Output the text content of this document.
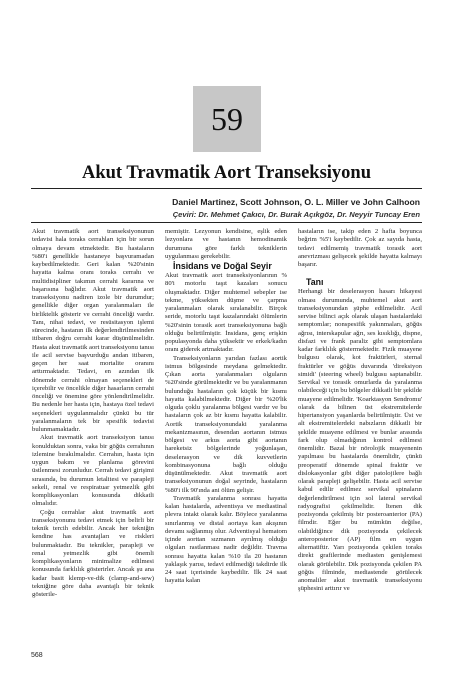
59
Akut Travmatik Aort Transeksiyonu
Daniel Martinez, Scott Johnson, O. L. Miller ve John Calhoon
Çeviri: Dr. Mehmet Çakıcı, Dr. Burak Açıkgöz, Dr. Neyyir Tuncay Eren

Akut travmatik aort transeksiyonunun tedavisi hala toraks cerrahları için bir sorun olmaya devam etmektedir. Bu hastaların %80'i genellikle hastaneye başvuramadan kaybedilmektedir. Geri kalan %20'sinin hayatta kalma oranı toraks cerrahı ve multidisipliner takımın cerrahi kararına ve başarısına bağlıdır. Akut travmatik aort transeksiyonu nadiren izole bir durumdur; genellikle diğer organ yaralanmaları ile birliktelik gösterir ve cerrahi önceliği vardır. Tanı, nihai tedavi, ve resüsitasyon işlemi sürecinde, hastanın ilk değerlendirilmesinden itibaren doğru cerrahi karar düşünülmelidir. Hasta akut travmatik aort transeksiyonu tanısı ile acil servise başvurduğu andan itibaren, geçen her saat mortalite oranını arttırmaktadır. Tedavi, en azından ilk dönemde cerrahi olmayan seçenekleri de içerebilir ve öncelikle diğer hasarların cerrahi önceliği ve önemine göre yönlendirilmelidir. Bu nedenle her hasta için, hastaya özel tedavi seçenekleri uygulanmalıdır çünkü bu tür yaralanmaların tek bir spesifik tedavisi bulunmamaktadır.

Akut travmatik aort transeksiyon tanısı konulduktan sonra, vaka bir göğüs cerrahının izlemine bırakılmalıdır. Cerrahın, hasta için uygun bakım ve planlama görevini üstlenmesi zorunludur. Cerrah tedavi girişimi sırasında, bu durumun letalitesi ve parapleji sekeli, renal ve respiratuar yetmezlik gibi komplikasyonları konusunda dikkatli olmalıdır.

Çoğu cerrahlar akut travmatik aort transeksiyonunu tedavi etmek için belirli bir teknik tercih edebilir. Ancak her tekniğin kendine has avantajları ve riskleri bulunmaktadır. Bu teknikler, parapleji ve renal yetmezlik gibi önemli komplikasyonların minimalize edilmesi konusunda farklılık gösterirler. Ancak şu ana kadar basit klemp-ve-dik (clamp-and-sew) tekniğine göre daha avantajlı bir teknik gösterile-

memiştir. Lezyonun kendisine, eşlik eden lezyonlara ve hastanın hemodinamik durumuna göre farklı tekniklerin uygulanması gerekebilir.

İnsidans ve Doğal Seyir

Akut travmatik aort transeksiyonlarının % 80'i motorlu taşıt kazaları sonucu oluşmaktadır. Diğer muhtemel sebepler ise tekme, yüksekten düşme ve çarpma yaralanmaları olarak sıralanabilir. Birçok seride, motorlu taşıt kazalarındaki ölümlerin %20'sinin torasik aort transeksiyonuna bağlı olduğu belirtilmiştir. İnsidans, genç erişkin populasyonda daha yüksektir ve erkek/kadın oranı giderek artmaktadır.

Transeksiyonların yarıdan fazlası aortik istmus bölgesinde meydana gelmektedir. Çıkan aorta yaralanmaları olguların %20'sinde görülmektedir ve bu yaralanmanın bulunduğu hastaların çok küçük bir kısmı hayatta kalabilmektedir. Diğer bir %20'lik olguda çoklu yaralanma bölgesi vardır ve bu hastaların çok az bir kısmı hayatta kalabilir. Aortik transeksiyonundaki yaralanma mekanizmasının, desendan aortanın istmus bölgesi ve arkus aorta gibi aortanın hareketsiz bölgelerinde yoğunlaşan, deselerasyon ve dik kuvvetlerin kombinasyonuna bağlı olduğu düşünülmektedir. Akut travmatik aort transeksiyonunun doğal seyrinde, hastaların %80'i ilk 90'ında ani ölüm gelişir.

Travmatik yaralanma sonrası hayatta kalan hastalarda, adventisya ve mediastinal plevra intakt olarak kalır. Böylece yaralanma sınırlanmış ve distal aortaya kan akışının devamı sağlanmış olur. Adventisyal hematom içinde aorttan sızmanın ayrılmış olduğu olguları rastlanması nadir değildir. Travma sonrası hayatta kalan %10 ila 20 hastanın yaklaşık yarısı, tedavi edilmediği takdirde ilk 24 saat içerisinde kaybedilir. İlk 24 saat hayatta kalan

hastaların ise, takip eden 2 hafta boyunca beğrim %5'i kaybedilir. Çok az sayıda hasta, tedavi edilmemiş travmatik torasik aort anevrizması gelişecek şekilde hayatta kalmayı başarır.

Tanı

Herhangi bir deselerasyon hasarı hikayesi olması durumunda, muhtemel akut aort transeksiyonundan şüphe edilmelidir. Acil servise bilinci açık olarak ulaşan hastalardaki semptomlar; nonspesifik yakınmaları, göğüs ağrısı, interskapular ağrı, ses kısıklığı, dispne, disfazi ve frank paraliz gibi semptomlara kadar farklılık göstermektedir. Fizik muayene bulgusu olarak, kot fraktürleri, sternal fraktürler ve göğüs duvarında 'direksiyon simidi' (steering wheel) bulgusu saptanabilir. Servikal ve torasik omurlarda da yaralanma olabileceği için bu bölgeler dikkatli bir şekilde muayene edilmelidir. 'Koarktasyon Sendromu' olarak da bilinen üst ekstremitelerde hipertansiyon yaşanlarda belirtilmiştir. Üst ve alt ekstremitelerdeki nabızların dikkatli bir şekilde muayene edilmesi ve bunlar arasında fark olup olmadığının kontrol edilmesi önemlidir. Bazal bir nörolojik muayenenin yapılması bu hastalarda önemlidir, çünkü preoperatif dönemde spinal fraktür ve dislokasyonlar gibi diğer patolojilere bağlı olarak parapleji gelişebilir. Hasta acil servise kabul edilir edilmez servikal spinaların değerlendirilmesi için sol lateral servikal radyografisi çekilmelidir. İtenen dik pozisyonda çekilmiş bir posteroanterior (PA) filmdir. Eğer bu mümkün değilse, olabildiğince dik pozisyonda çekilecek anteroposterior (AP) film en uygun alternatiftir. Yarı pozisyonda çekilen toraks direkt grafilerinde mediasten genişlemesi olarak görülebilir. Dik pozisyonda çekilen PA göğüs filminde, mediastende görülecek anomaliler akut travmatik transeksiyonu şüphesini arttırır ve

568
